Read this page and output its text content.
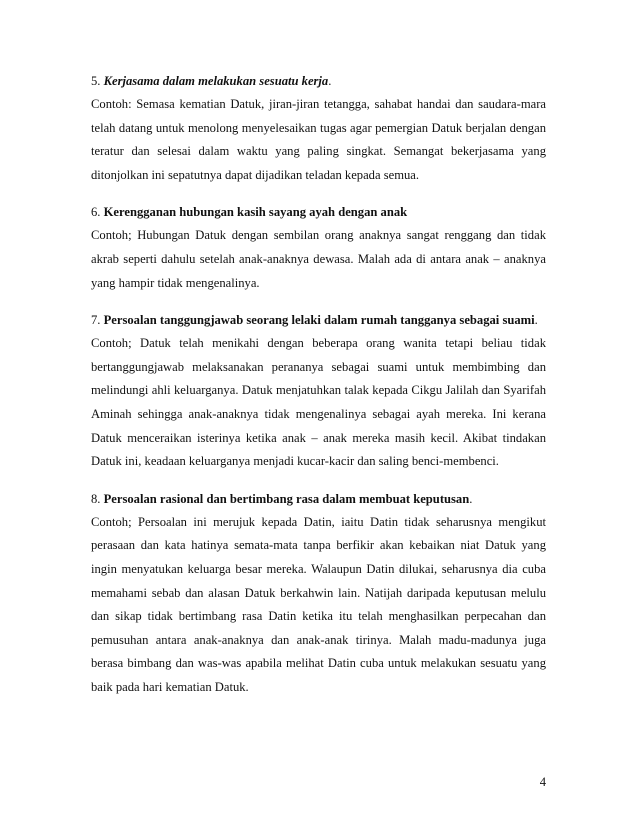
5. Kerjasama dalam melakukan sesuatu kerja.

Contoh: Semasa kematian Datuk, jiran-jiran tetangga, sahabat handai dan saudara-mara telah datang untuk menolong menyelesaikan tugas agar pemergian Datuk berjalan dengan teratur dan selesai dalam waktu yang paling singkat. Semangat bekerjasama yang ditonjolkan ini sepatutnya dapat dijadikan teladan kepada semua.

6. Kerengganan hubungan kasih sayang ayah dengan anak

Contoh; Hubungan Datuk dengan sembilan orang anaknya sangat renggang dan tidak akrab seperti dahulu setelah anak-anaknya dewasa. Malah ada di antara anak – anaknya yang hampir tidak mengenalinya.

7. Persoalan tanggungjawab seorang lelaki dalam rumah tangganya sebagai suami.

Contoh; Datuk telah menikahi dengan beberapa orang wanita tetapi beliau tidak bertanggungjawab melaksanakan perananya sebagai suami untuk membimbing dan melindungi ahli keluarganya. Datuk menjatuhkan talak kepada Cikgu Jalilah dan Syarifah Aminah sehingga anak-anaknya tidak mengenalinya sebagai ayah mereka. Ini kerana Datuk menceraikan isterinya ketika anak – anak mereka masih kecil. Akibat tindakan Datuk ini, keadaan keluarganya menjadi kucar-kacir dan saling benci-membenci.

8. Persoalan rasional dan bertimbang rasa dalam membuat keputusan.

Contoh; Persoalan ini merujuk kepada Datin, iaitu Datin tidak seharusnya mengikut perasaan dan kata hatinya semata-mata tanpa berfikir akan kebaikan niat Datuk yang ingin menyatukan keluarga besar mereka. Walaupun Datin dilukai, seharusnya dia cuba memahami sebab dan alasan Datuk berkahwin lain. Natijah daripada keputusan melulu dan sikap tidak bertimbang rasa Datin ketika itu telah menghasilkan perpecahan dan pemusuhan antara anak-anaknya dan anak-anak tirinya. Malah madu-madunya juga berasa bimbang dan was-was apabila melihat Datin cuba untuk melakukan sesuatu yang baik pada hari kematian Datuk.

4
